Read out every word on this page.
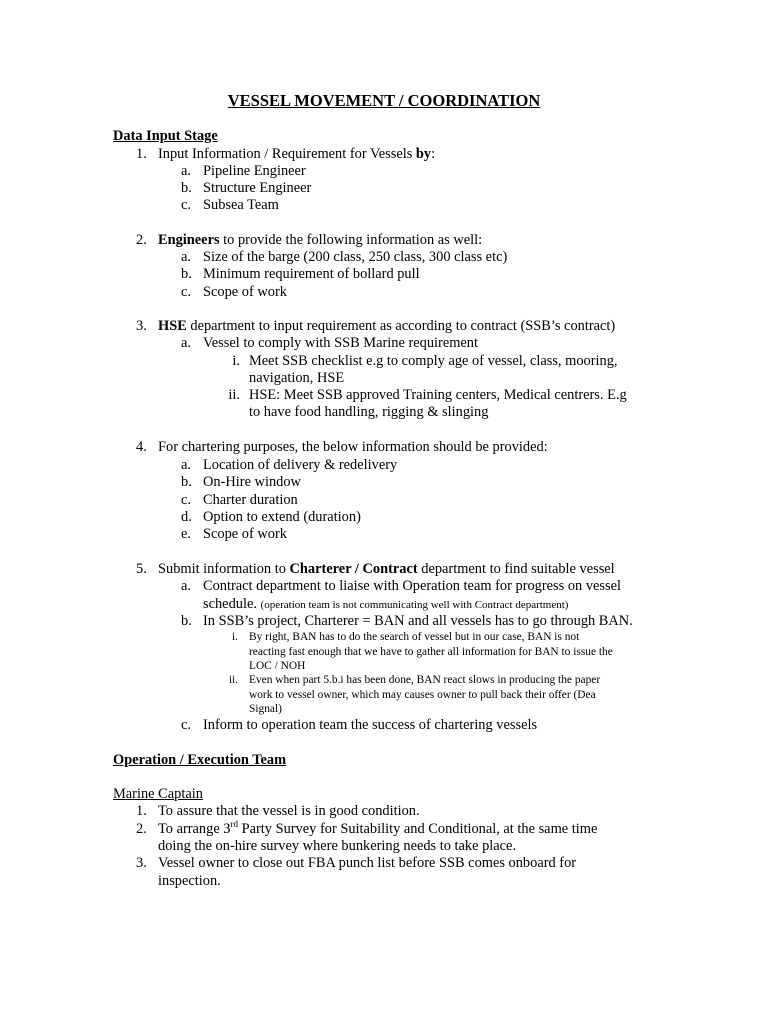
VESSEL MOVEMENT / COORDINATION
Data Input Stage
1. Input Information / Requirement for Vessels by:
a. Pipeline Engineer
b. Structure Engineer
c. Subsea Team
2. Engineers to provide the following information as well:
a. Size of the barge (200 class, 250 class, 300 class etc)
b. Minimum requirement of bollard pull
c. Scope of work
3. HSE department to input requirement as according to contract (SSB’s contract)
a. Vessel to comply with SSB Marine requirement
i. Meet SSB checklist e.g to comply age of vessel, class, mooring,
navigation, HSE
ii. HSE: Meet SSB approved Training centers, Medical centrers. E.g
to have food handling, rigging & slinging
4. For chartering purposes, the below information should be provided:
a. Location of delivery & redelivery
b. On-Hire window
c. Charter duration
d. Option to extend (duration)
e. Scope of work
5. Submit information to Charterer / Contract department to find suitable vessel
a. Contract department to liaise with Operation team for progress on vessel
schedule. (operation team is not communicating well with Contract department)
b. In SSB’s project, Charterer = BAN and all vessels has to go through BAN.
i. By right, BAN has to do the search of vessel but in our case, BAN is not
reacting fast enough that we have to gather all information for BAN to issue the
LOC / NOH
ii. Even when part 5.b.i has been done, BAN react slows in producing the paper
work to vessel owner, which may causes owner to pull back their offer (Dea
Signal)
c. Inform to operation team the success of chartering vessels
Operation / Execution Team
Marine Captain
1. To assure that the vessel is in good condition.
2. To arrange 3rd Party Survey for Suitability and Conditional, at the same time
doing the on-hire survey where bunkering needs to take place.
3. Vessel owner to close out FBA punch list before SSB comes onboard for
inspection.
